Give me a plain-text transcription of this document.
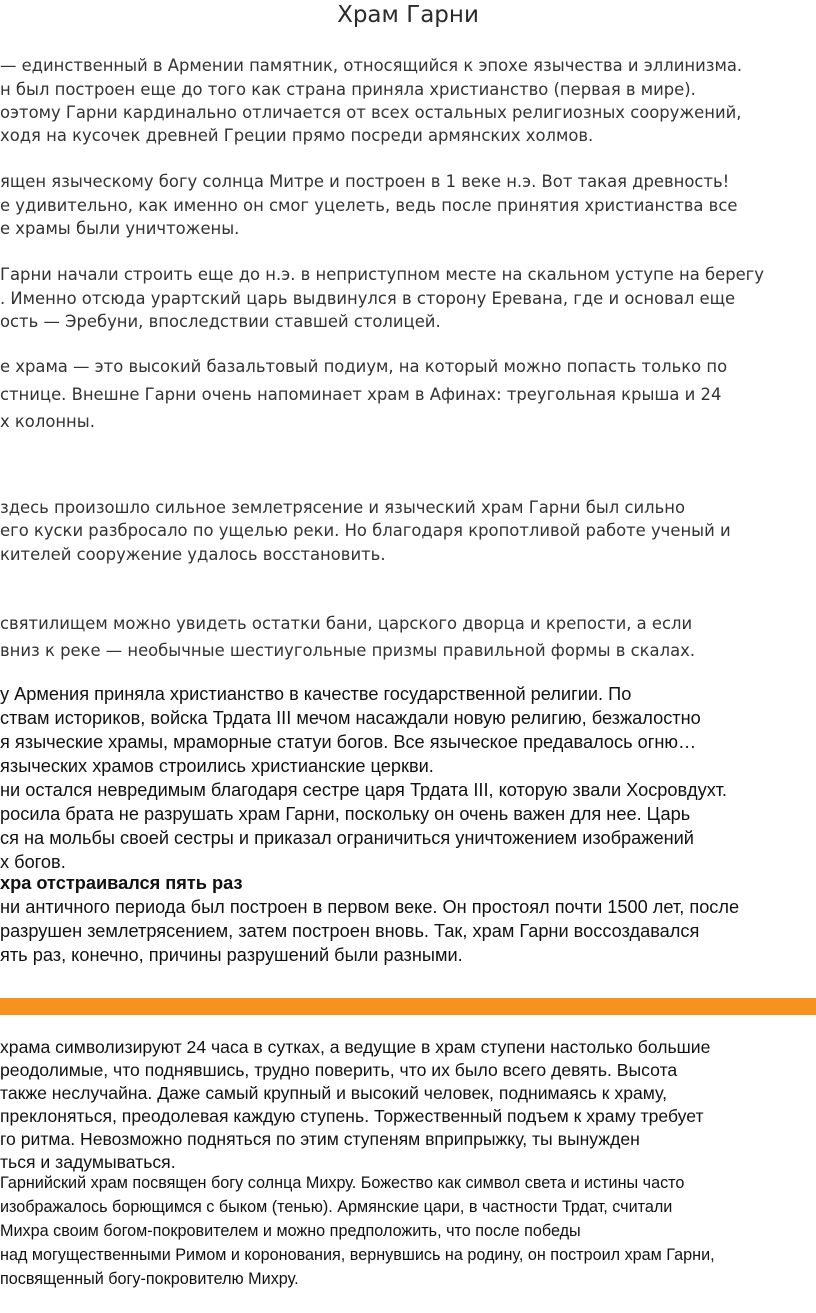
Храм Гарни

— единственный в Армении памятник, относящийся к эпохе язычества и эллинизма.

н был построен еще до того как страна приняла христианство (первая в мире).

оэтому Гарни кардинально отличается от всех остальных религиозных сооружений,

ходя на кусочек древней Греции прямо посреди армянских холмов.

ящен языческому богу солнца Митре и построен в 1 веке н.э. Вот такая древность!

е удивительно, как именно он смог уцелеть, ведь после принятия христианства все

е храмы были уничтожены.

Гарни начали строить еще до н.э. в неприступном месте на скальном уступе на берегу

. Именно отсюда урартский царь выдвинулся в сторону Еревана, где и основал еще

ость — Эребуни, впоследствии ставшей столицей.

е храма — это высокий базальтовый подиум, на который можно попасть только по

стнице. Внешне Гарни очень напоминает храм в Афинах: треугольная крыша и 24

х колонны.

здесь произошло сильное землетрясение и языческий храм Гарни был сильно

его куски разбросало по ущелью реки. Но благодаря кропотливой работе ученый и

кителей сооружение удалось восстановить.

святилищем можно увидеть остатки бани, царского дворца и крепости, а если

вниз к реке — необычные шестиугольные призмы правильной формы в скалах.

у Армения приняла христианство в качестве государственной религии. По

ствам историков, войска Трдата III мечом насаждали новую религию, безжалостно

я языческие храмы, мраморные статуи богов. Все языческое предавалось огню…

языческих храмов строились христианские церкви.

ни остался невредимым благодаря сестре царя Трдата III, которую звали Хосровдухт.

росила брата не разрушать храм Гарни, поскольку он очень важен для нее. Царь

ся на мольбы своей сестры и приказал ограничиться уничтожением изображений

х богов.

хра отстраивался пять раз

ни античного периода был построен в первом веке. Он простоял почти 1500 лет, после

разрушен землетрясением, затем построен вновь. Так, храм Гарни воссоздавался

ять раз, конечно, причины разрушений были разными.

храма символизируют 24 часа в сутках, а ведущие в храм ступени настолько большие

реодолимые, что поднявшись, трудно поверить, что их было всего девять. Высота

также неслучайна. Даже самый крупный и высокий человек, поднимаясь к храму,

преклоняться, преодолевая каждую ступень. Торжественный подъем к храму требует

го ритма. Невозможно подняться по этим ступеням вприпрыжку, ты вынужден

ться и задумываться.

Гарнийский храм посвящен богу солнца Михру. Божество как символ света и истины часто

изображалось борющимся с быком (тенью). Армянские цари, в частности Трдат, считали

Михра своим богом-покровителем и можно предположить, что после победы

над могущественными Римом и коронования, вернувшись на родину, он построил храм Гарни,

посвященный богу-покровителю Михру.
